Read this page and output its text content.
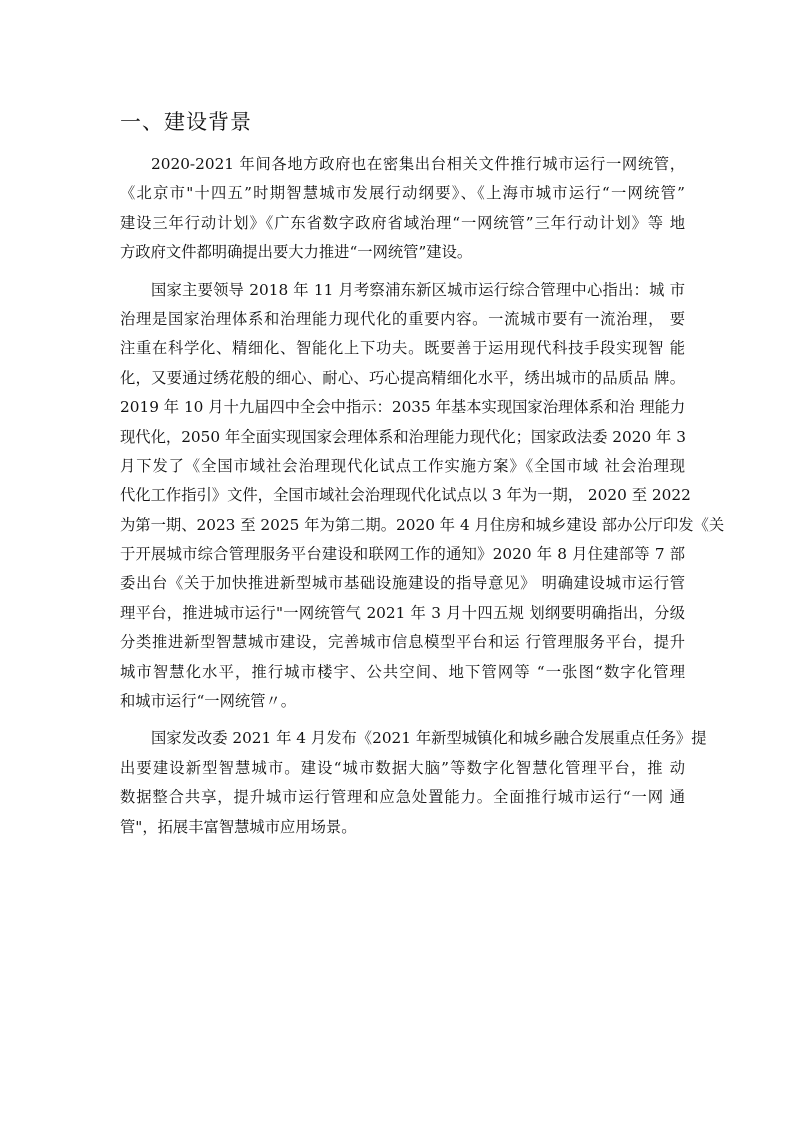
一、建设背景
2020-2021 年间各地方政府也在密集出台相关文件推行城市运行一网统管，
《北京市"十四五”时期智慧城市发展行动纲要》、《上海市城市运行“一网统管”
建设三年行动计划》《广东省数字政府省域治理“一网统管”三年行动计划》等 地
方政府文件都明确提出要大力推进“一网统管”建设。
国家主要领导 2018 年 11 月考察浦东新区城市运行综合管理中心指出：城 市
治理是国家治理体系和治理能力现代化的重要内容。一流城市要有一流治理， 要
注重在科学化、精细化、智能化上下功夫。既要善于运用现代科技手段实现智 能
化，又要通过绣花般的细心、耐心、巧心提高精细化水平，绣出城市的品质品 牌。
2019 年 10 月十九届四中全会中指示：2035 年基本实现国家治理体系和治 理能力
现代化，2050 年全面实现国家会理体系和治理能力现代化；国家政法委 2020 年 3
月下发了《全国市域社会治理现代化试点工作实施方案》《全国市域 社会治理现
代化工作指引》文件，全国市域社会治理现代化试点以 3 年为一期， 2020 至 2022
为第一期、2023 至 2025 年为第二期。2020 年 4 月住房和城乡建设 部办公厅印发《关
于开展城市综合管理服务平台建设和联网工作的通知》2020 年 8 月住建部等 7 部
委出台《关于加快推进新型城市基础设施建设的指导意见》 明确建设城市运行管
理平台，推进城市运行"一网统管气 2021 年 3 月十四五规 划纲要明确指出，分级
分类推进新型智慧城市建设，完善城市信息模型平台和运 行管理服务平台，提升
城市智慧化水平，推行城市楼宇、公共空间、地下管网等 “一张图“数字化管理
和城市运行“一网统管〃。
国家发改委 2021 年 4 月发布《2021 年新型城镇化和城乡融合发展重点任务》提
出要建设新型智慧城市。建设“城市数据大脑”等数字化智慧化管理平台，推 动
数据整合共享，提升城市运行管理和应急处置能力。全面推行城市运行“一网 通
管"，拓展丰富智慧城市应用场景。
